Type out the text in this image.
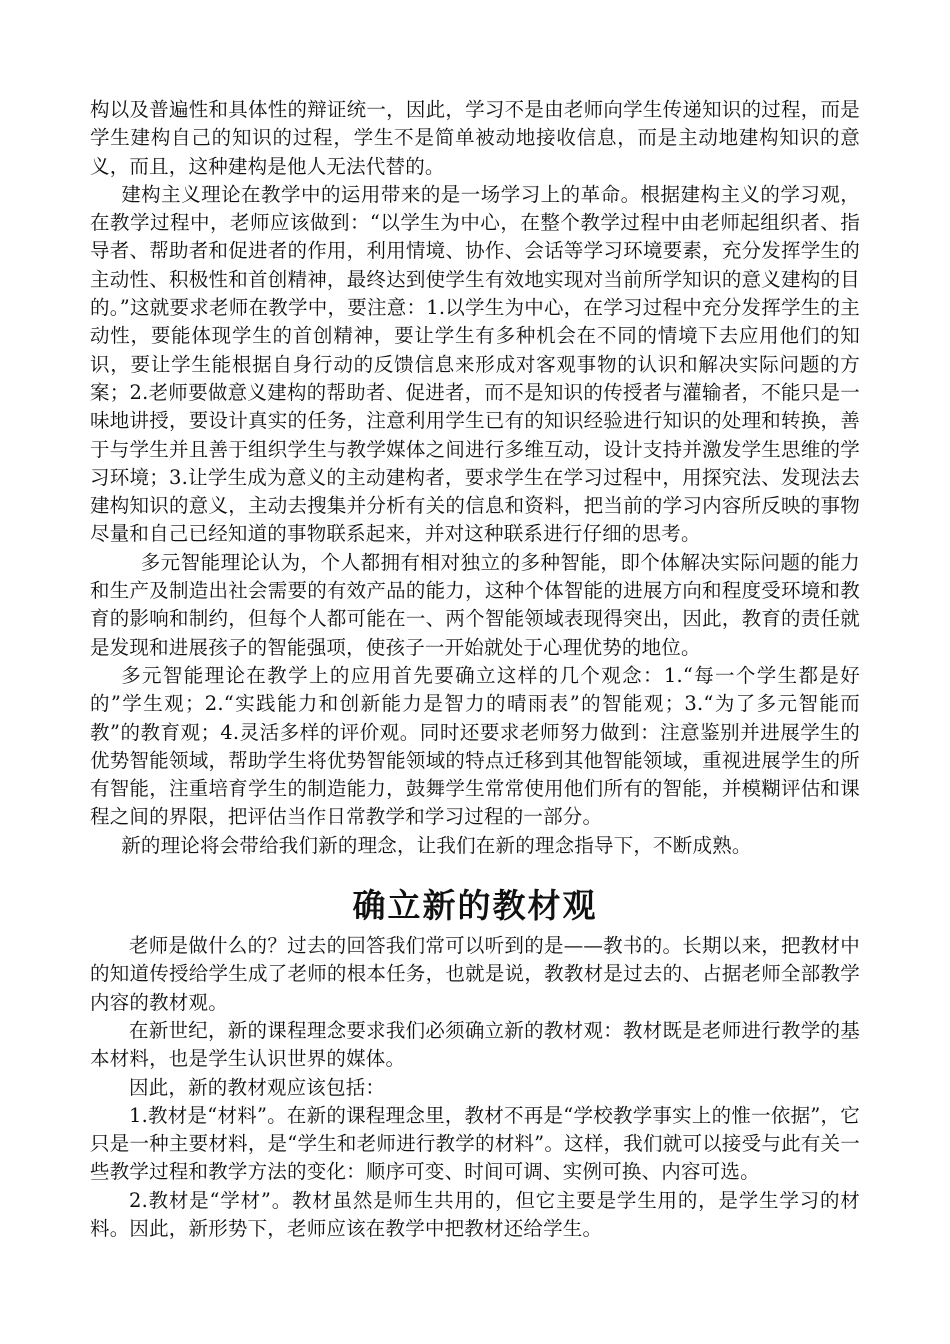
构以及普遍性和具体性的辩证统一，因此，学习不是由老师向学生传递知识的过程，而是学生建构自己的知识的过程，学生不是简单被动地接收信息，而是主动地建构知识的意义，而且，这种建构是他人无法代替的。

建构主义理论在教学中的运用带来的是一场学习上的革命。根据建构主义的学习观，在教学过程中，老师应该做到：“以学生为中心，在整个教学过程中由老师起组织者、指导者、帮助者和促进者的作用，利用情境、协作、会话等学习环境要素，充分发挥学生的主动性、积极性和首创精神，最终达到使学生有效地实现对当前所学知识的意义建构的目的。”这就要求老师在教学中，要注意：1.以学生为中心，在学习过程中充分发挥学生的主动性，要能体现学生的首创精神，要让学生有多种机会在不同的情境下去应用他们的知识，要让学生能根据自身行动的反馈信息来形成对客观事物的认识和解决实际问题的方案；2.老师要做意义建构的帮助者、促进者，而不是知识的传授者与灌输者，不能只是一味地讲授，要设计真实的任务，注意利用学生已有的知识经验进行知识的处理和转换，善于与学生并且善于组织学生与教学媒体之间进行多维互动，设计支持并激发学生思维的学习环境；3.让学生成为意义的主动建构者，要求学生在学习过程中，用探究法、发现法去建构知识的意义，主动去搜集并分析有关的信息和资料，把当前的学习内容所反映的事物尽量和自己已经知道的事物联系起来，并对这种联系进行仔细的思考。

多元智能理论认为，个人都拥有相对独立的多种智能，即个体解决实际问题的能力和生产及制造出社会需要的有效产品的能力，这种个体智能的进展方向和程度受环境和教育的影响和制约，但每个人都可能在一、两个智能领域表现得突出，因此，教育的责任就是发现和进展孩子的智能强项，使孩子一开始就处于心理优势的地位。

多元智能理论在教学上的应用首先要确立这样的几个观念：1.“每一个学生都是好的”学生观；2.“实践能力和创新能力是智力的晴雨表”的智能观；3.“为了多元智能而教”的教育观；4.灵活多样的评价观。同时还要求老师努力做到：注意鉴别并进展学生的优势智能领域，帮助学生将优势智能领域的特点迁移到其他智能领域，重视进展学生的所有智能，注重培育学生的制造能力，鼓舞学生常常使用他们所有的智能，并模糊评估和课程之间的界限，把评估当作日常教学和学习过程的一部分。

新的理论将会带给我们新的理念，让我们在新的理念指导下，不断成熟。

确立新的教材观

老师是做什么的？过去的回答我们常可以听到的是——教书的。长期以来，把教材中的知道传授给学生成了老师的根本任务，也就是说，教教材是过去的、占据老师全部教学内容的教材观。

在新世纪，新的课程理念要求我们必须确立新的教材观：教材既是老师进行教学的基本材料，也是学生认识世界的媒体。

因此，新的教材观应该包括：

1.教材是“材料”。在新的课程理念里，教材不再是“学校教学事实上的惟一依据”，它只是一种主要材料，是“学生和老师进行教学的材料”。这样，我们就可以接受与此有关一些教学过程和教学方法的变化：顺序可变、时间可调、实例可换、内容可选。

2.教材是“学材”。教材虽然是师生共用的，但它主要是学生用的，是学生学习的材料。因此，新形势下，老师应该在教学中把教材还给学生。
